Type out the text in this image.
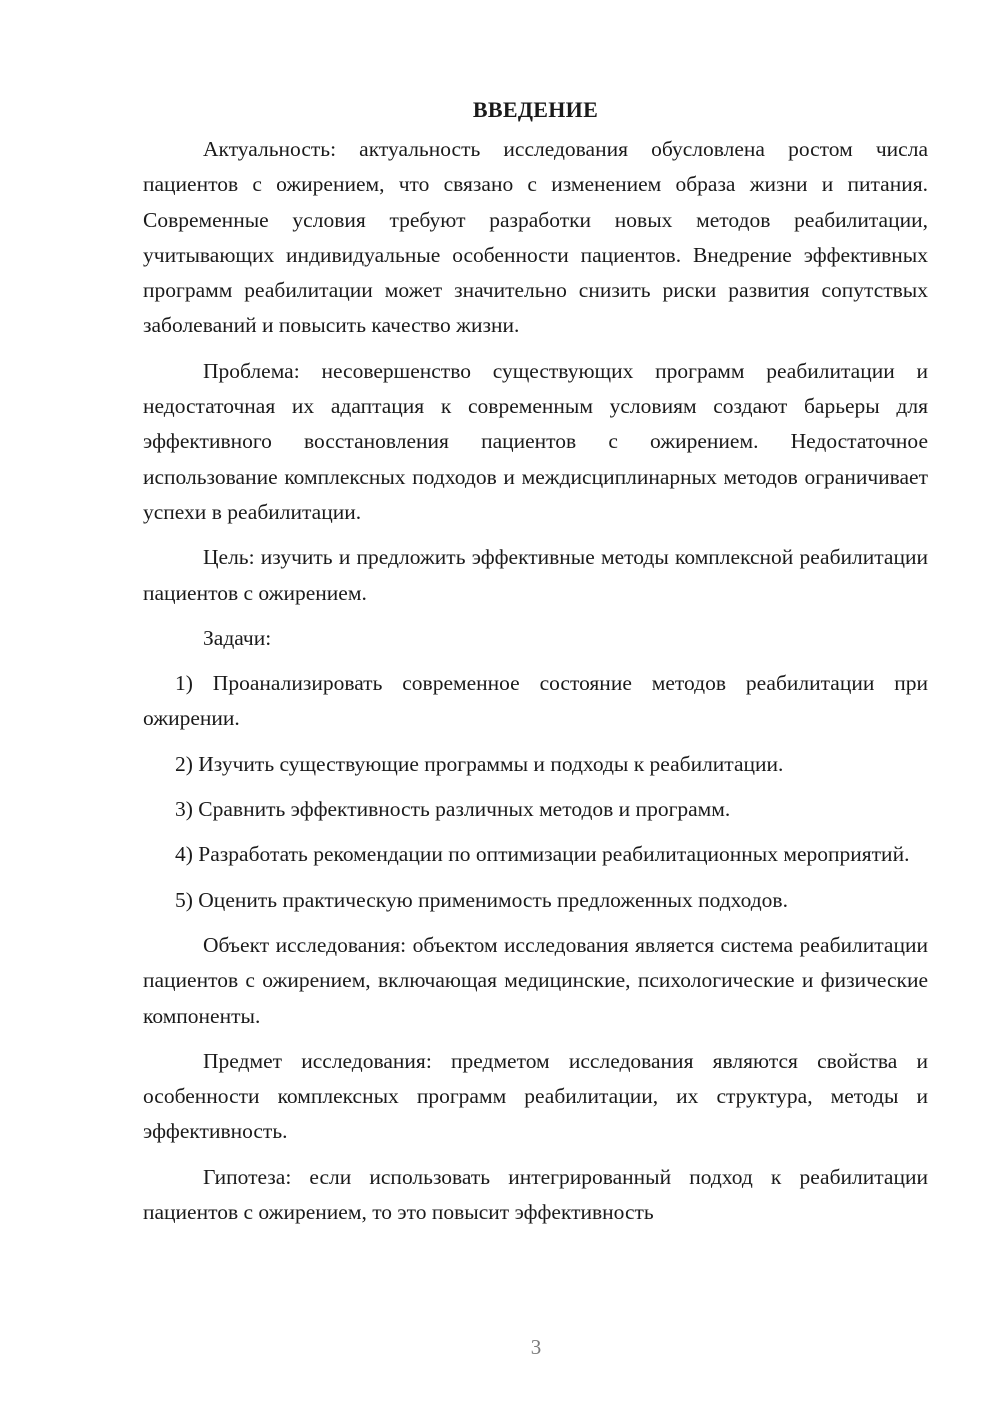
ВВЕДЕНИЕ

Актуальность: актуальность исследования обусловлена ростом числа пациентов с ожирением, что связано с изменением образа жизни и питания. Современные условия требуют разработки новых методов реабилитации, учитывающих индивидуальные особенности пациентов. Внедрение эффективных программ реабилитации может значительно снизить риски развития сопутствых заболеваний и повысить качество жизни.

Проблема: несовершенство существующих программ реабилитации и недостаточная их адаптация к современным условиям создают барьеры для эффективного восстановления пациентов с ожирением. Недостаточное использование комплексных подходов и междисциплинарных методов ограничивает успехи в реабилитации.

Цель: изучить и предложить эффективные методы комплексной реабилитации пациентов с ожирением.

Задачи:

1) Проанализировать современное состояние методов реабилитации при ожирении.

2) Изучить существующие программы и подходы к реабилитации.

3) Сравнить эффективность различных методов и программ.

4) Разработать рекомендации по оптимизации реабилитационных мероприятий.

5) Оценить практическую применимость предложенных подходов.

Объект исследования: объектом исследования является система реабилитации пациентов с ожирением, включающая медицинские, психологические и физические компоненты.

Предмет исследования: предметом исследования являются свойства и особенности комплексных программ реабилитации, их структура, методы и эффективность.

Гипотеза: если использовать интегрированный подход к реабилитации пациентов с ожирением, то это повысит эффективность

3
